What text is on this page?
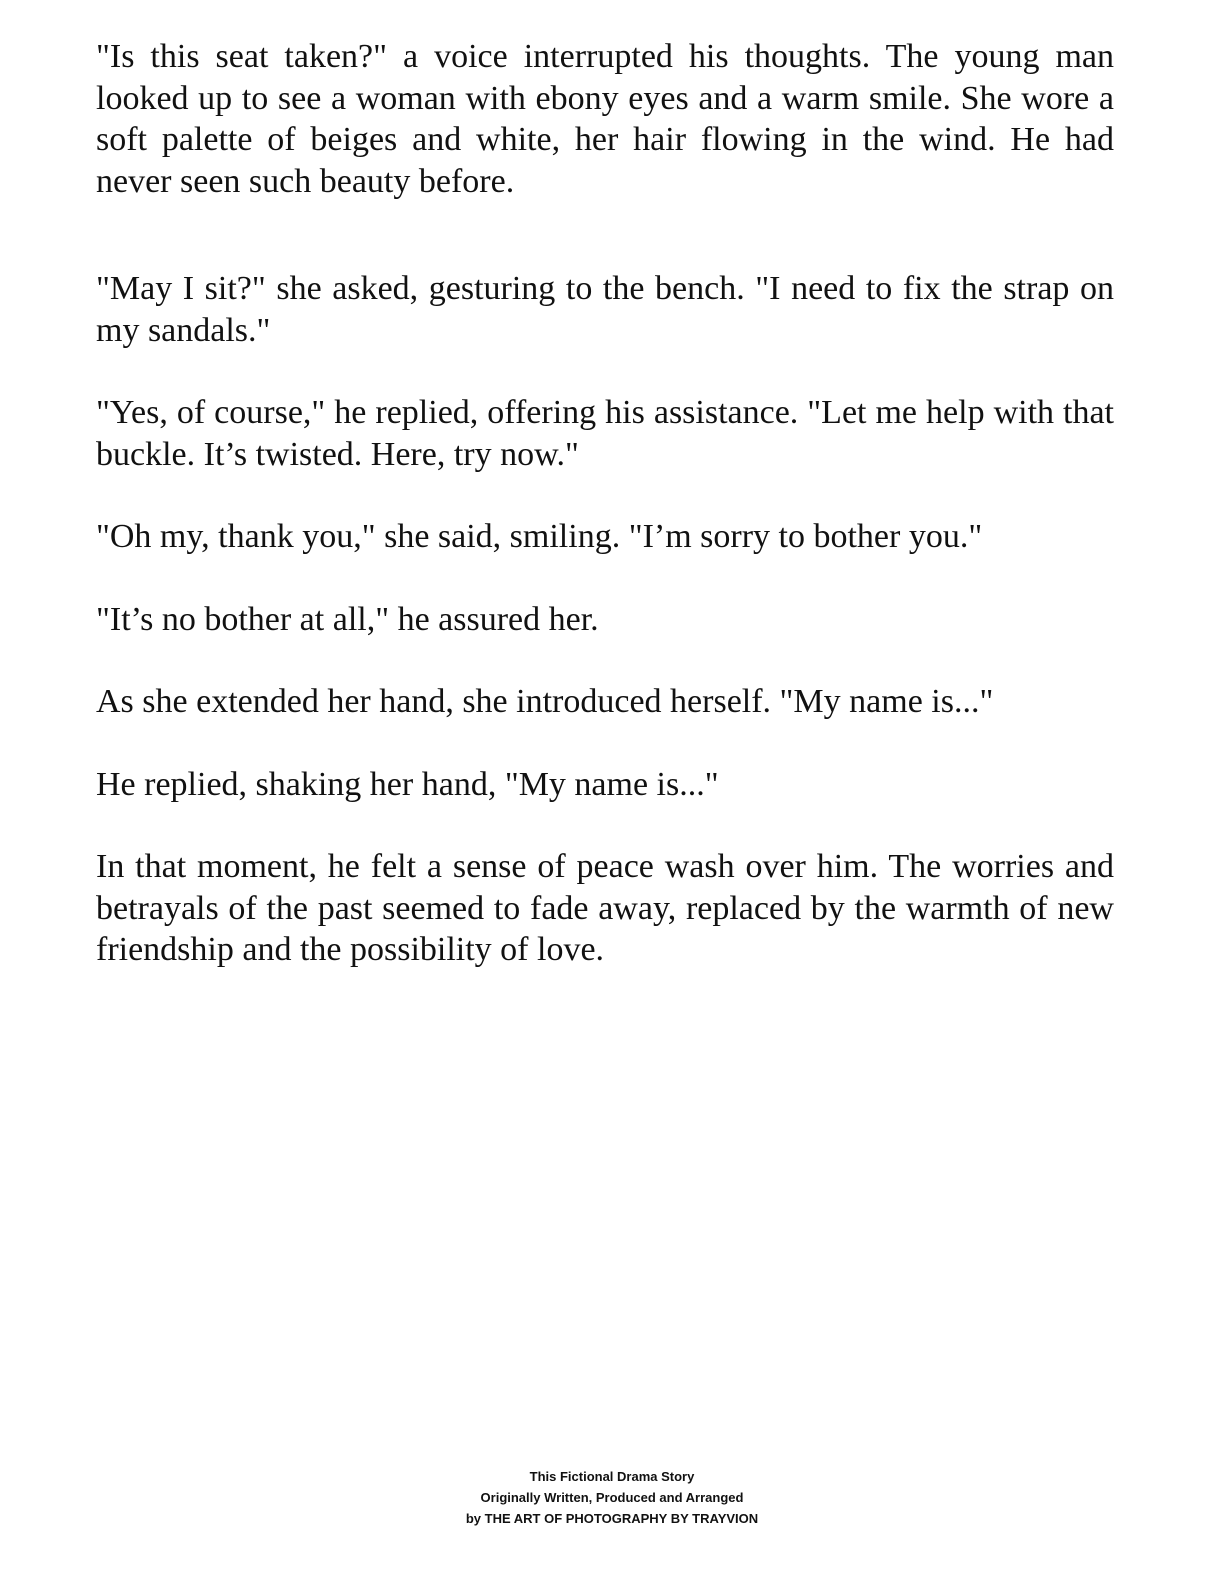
"Is this seat taken?" a voice interrupted his thoughts. The young man looked up to see a woman with ebony eyes and a warm smile. She wore a soft palette of beiges and white, her hair flowing in the wind. He had never seen such beauty before.

"May I sit?" she asked, gesturing to the bench. "I need to fix the strap on my sandals."

"Yes, of course," he replied, offering his assistance. "Let me help with that buckle. It’s twisted. Here, try now."

"Oh my, thank you," she said, smiling. "I’m sorry to bother you."

"It’s no bother at all," he assured her.

As she extended her hand, she introduced herself. "My name is..."

He replied, shaking her hand, "My name is..."

In that moment, he felt a sense of peace wash over him. The worries and betrayals of the past seemed to fade away, replaced by the warmth of new friendship and the possibility of love.

This Fictional Drama Story
Originally Written, Produced and Arranged
by THE ART OF PHOTOGRAPHY BY TRAYVION
